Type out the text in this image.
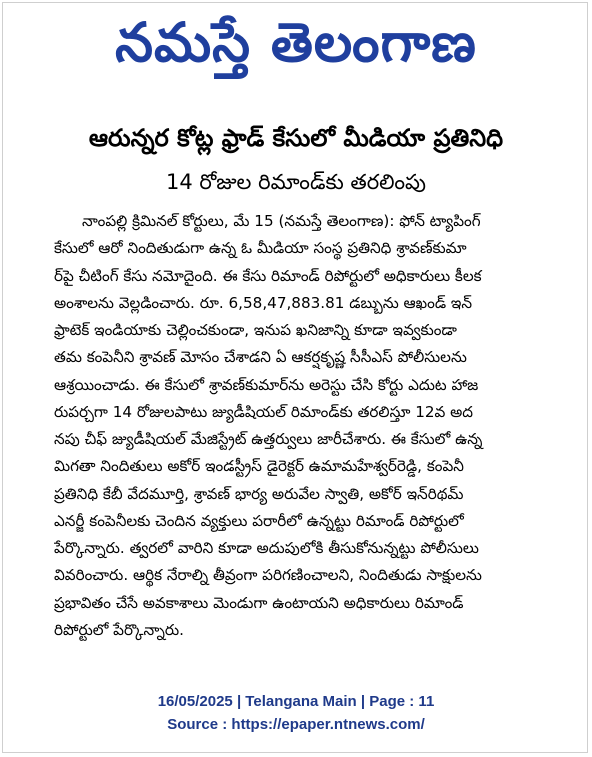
నమస్తే తెలంగాణ
ఆరున్నర కోట్ల ఫ్రాడ్ కేసులో మీడియా ప్రతినిధి
14 రోజుల రిమాండ్‌కు తరలింపు
నాంపల్లి క్రిమినల్ కోర్టులు, మే 15 (నమస్తే తెలంగాణ): ఫోన్ ట్యాపింగ్
కేసులో ఆరో నిందితుడుగా ఉన్న ఓ మీడియా సంస్థ ప్రతినిధి శ్రావణ్‌కుమా
ర్‌పై చీటింగ్ కేసు నమోదైంది. ఈ కేసు రిమాండ్ రిపోర్టులో అధికారులు కీలక
అంశాలను వెల్లడించారు. రూ. 6,58,47,883.81 డబ్బును ఆఖండ్ ఇన్
ఫ్రాటెక్ ఇండియాకు చెల్లించకుండా, ఇనుప ఖనిజాన్ని కూడా ఇవ్వకుండా
తమ కంపెనీని శ్రావణ్ మోసం చేశాడని ఏ ఆకర్షకృష్ణ సీసీఎస్ పోలీసులను
ఆశ్రయించాడు. ఈ కేసులో శ్రావణ్‌కుమార్‌ను అరెస్టు చేసి కోర్టు ఎదుట హాజ
రుపర్చగా 14 రోజులపాటు జ్యుడీషియల్ రిమాండ్‌కు తరలిస్తూ 12వ అద
నపు చీఫ్ జ్యుడీషియల్ మేజిస్ట్రేట్ ఉత్తర్వులు జారీచేశారు. ఈ కేసులో ఉన్న
మిగతా నిందితులు అకోర్ ఇండస్ట్రీస్ డైరెక్టర్ ఉమామహేశ్వర్‌రెడ్డి, కంపెనీ
ప్రతినిధి కేబీ వేదమూర్తి, శ్రావణ్ భార్య అరువేల స్వాతి, అకోర్ ఇన్‌రిథమ్
ఎనర్జీ కంపెనీలకు చెందిన వ్యక్తులు పరారీలో ఉన్నట్టు రిమాండ్ రిపోర్టులో
పేర్కొన్నారు. త్వరలో వారిని కూడా అదుపులోకి తీసుకోనున్నట్టు పోలీసులు
వివరించారు. ఆర్థిక నేరాల్ని తీవ్రంగా పరిగణించాలని, నిందితుడు సాక్షులను
ప్రభావితం చేసే అవకాశాలు మెండుగా ఉంటాయని అధికారులు రిమాండ్
రిపోర్టులో పేర్కొన్నారు.
16/05/2025 | Telangana Main | Page : 11
Source : https://epaper.ntnews.com/
